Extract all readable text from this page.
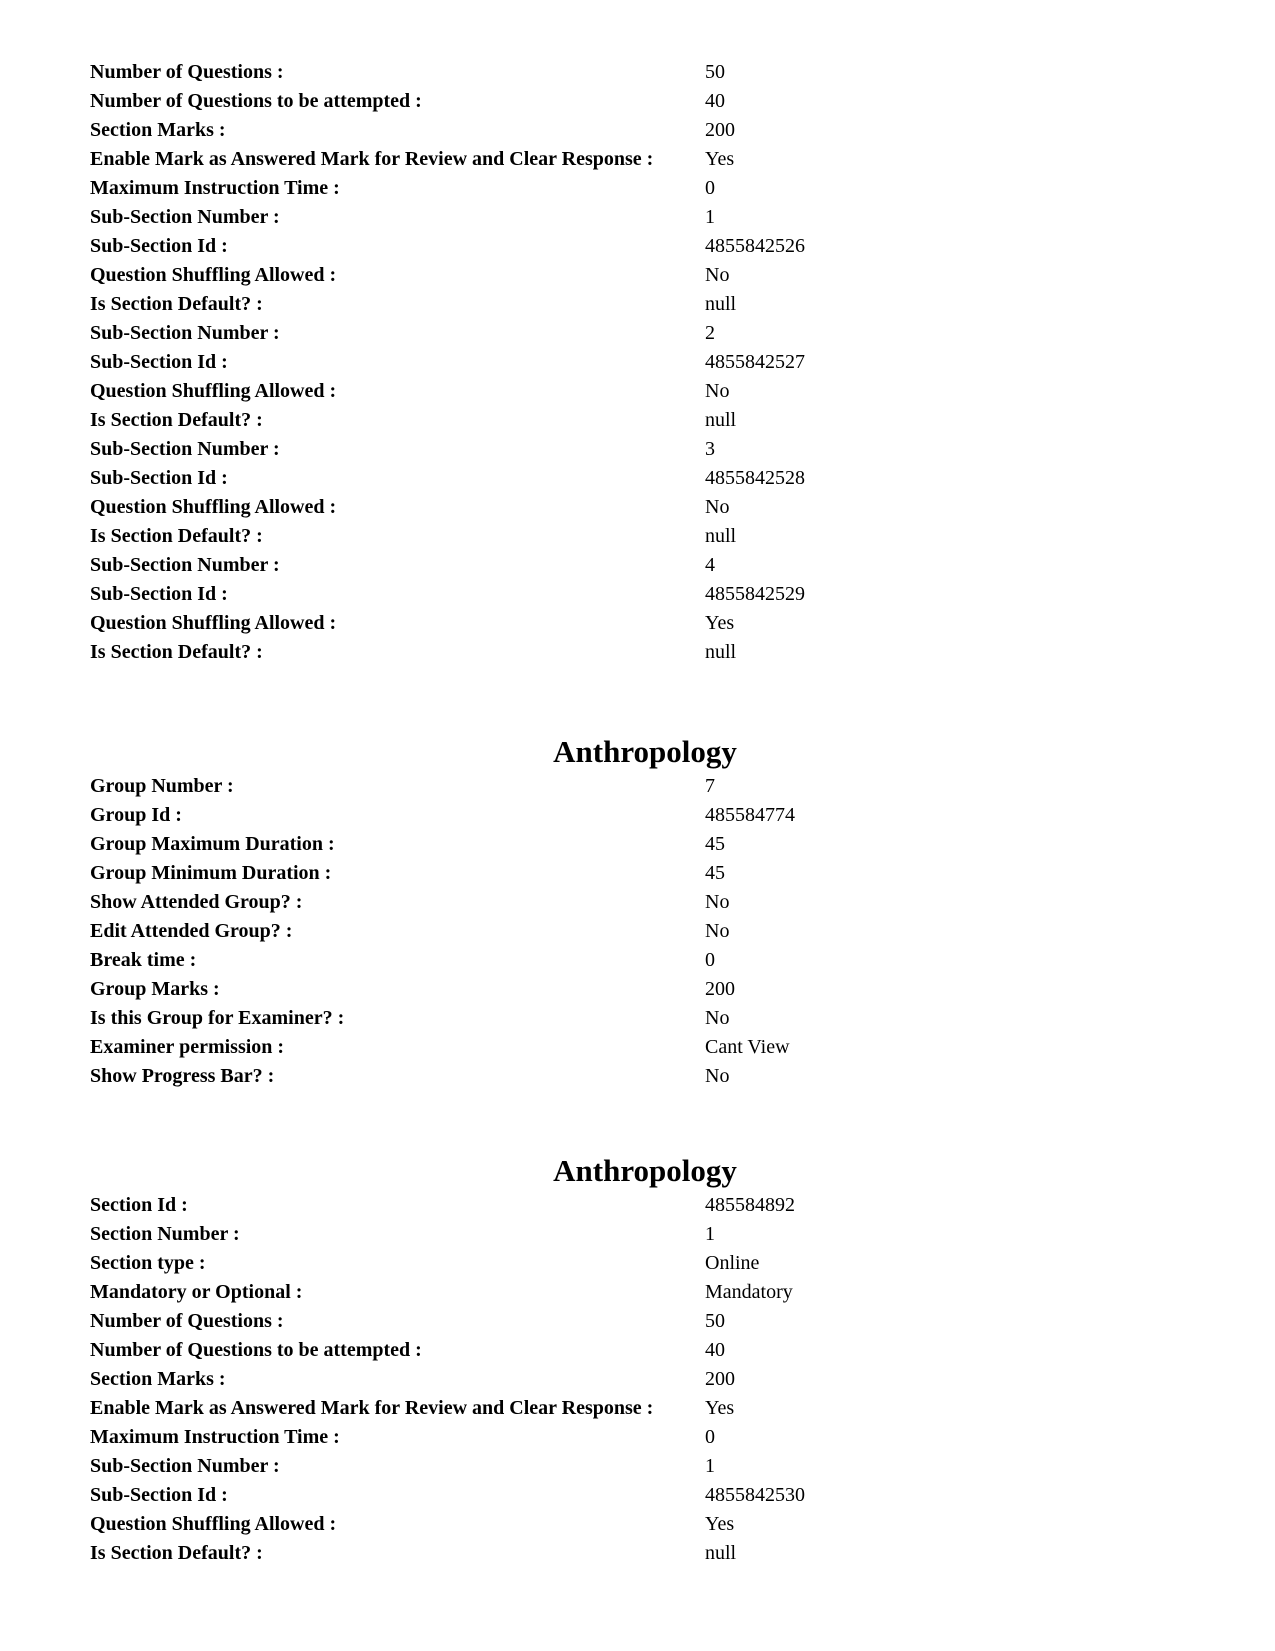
Number of Questions :	50
Number of Questions to be attempted :	40
Section Marks :	200
Enable Mark as Answered Mark for Review and Clear Response :	Yes
Maximum Instruction Time :	0
Sub-Section Number :	1
Sub-Section Id :	4855842526
Question Shuffling Allowed :	No
Is Section Default? :	null
Sub-Section Number :	2
Sub-Section Id :	4855842527
Question Shuffling Allowed :	No
Is Section Default? :	null
Sub-Section Number :	3
Sub-Section Id :	4855842528
Question Shuffling Allowed :	No
Is Section Default? :	null
Sub-Section Number :	4
Sub-Section Id :	4855842529
Question Shuffling Allowed :	Yes
Is Section Default? :	null
Anthropology
Group Number :	7
Group Id :	485584774
Group Maximum Duration :	45
Group Minimum Duration :	45
Show Attended Group? :	No
Edit Attended Group? :	No
Break time :	0
Group Marks :	200
Is this Group for Examiner? :	No
Examiner permission :	Cant View
Show Progress Bar? :	No
Anthropology
Section Id :	485584892
Section Number :	1
Section type :	Online
Mandatory or Optional :	Mandatory
Number of Questions :	50
Number of Questions to be attempted :	40
Section Marks :	200
Enable Mark as Answered Mark for Review and Clear Response :	Yes
Maximum Instruction Time :	0
Sub-Section Number :	1
Sub-Section Id :	4855842530
Question Shuffling Allowed :	Yes
Is Section Default? :	null
